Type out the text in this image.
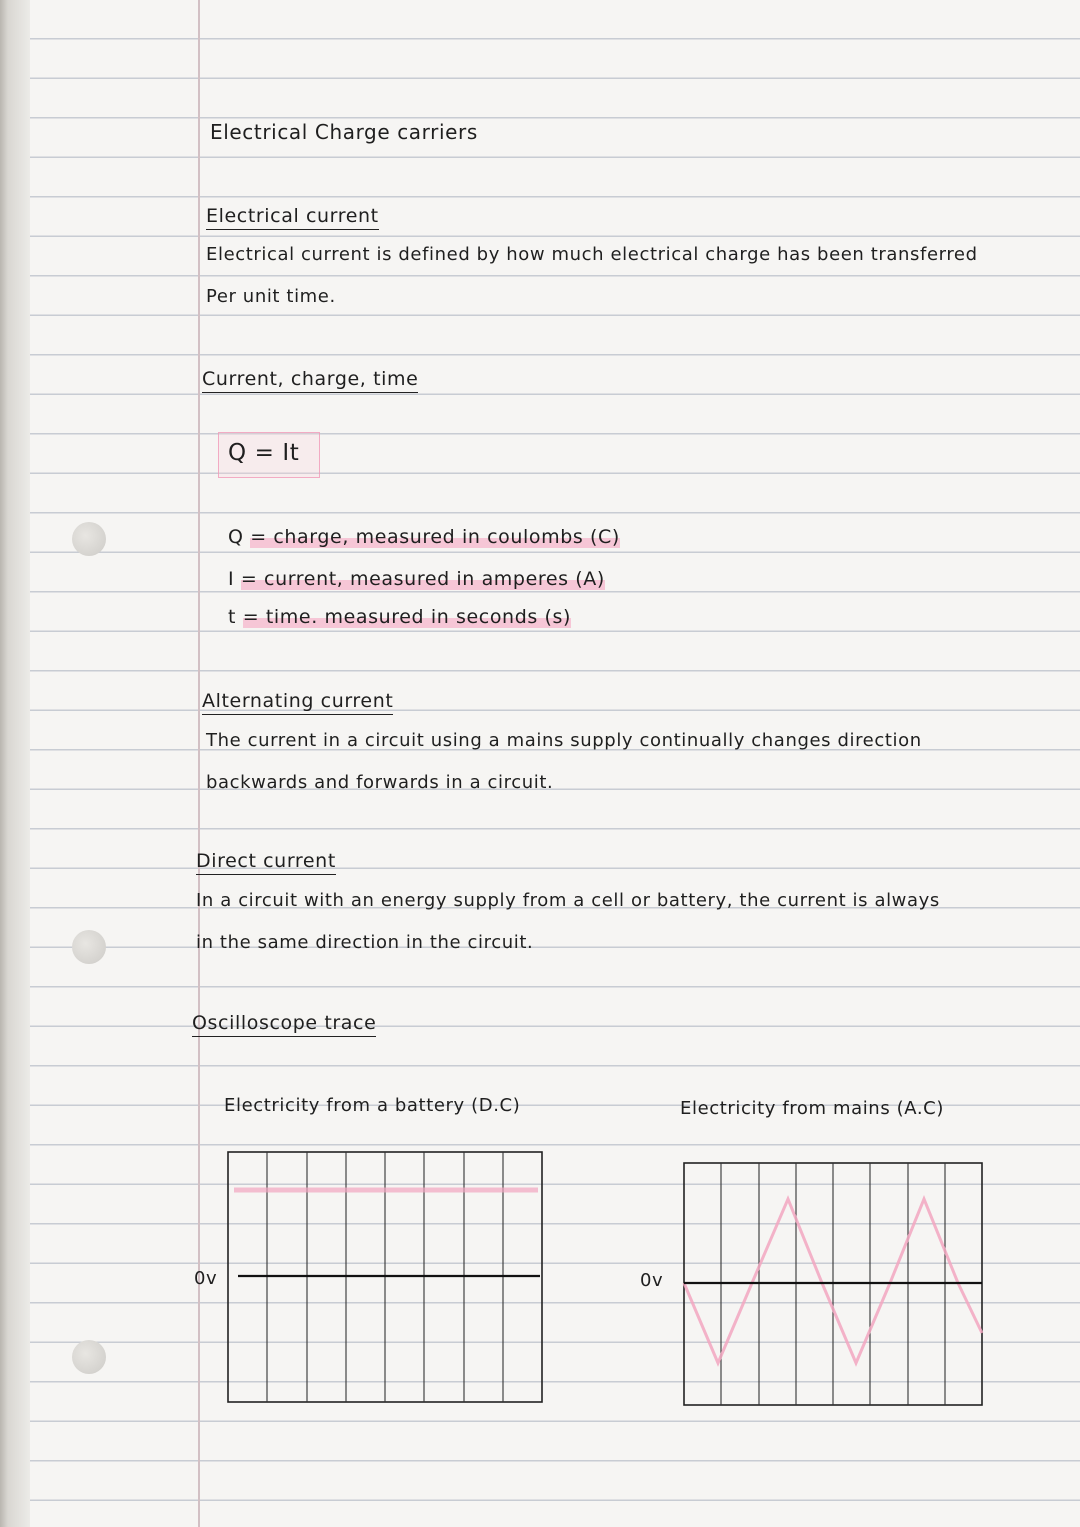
Electrical Charge carriers
Electrical current
Electrical current is defined by how much electrical charge has been transferred
Per unit time.
Current, charge, time
Q = It
Q = charge, measured in coulombs (C)
I = current, measured in amperes (A)
t = time. measured in seconds (s)
Alternating current
The current in a circuit using a mains supply continually changes direction
backwards and forwards in a circuit.
Direct current
In a circuit with an energy supply from a cell or battery, the current is always
in the same direction in the circuit.
Oscilloscope trace
Electricity from a battery (D.C)	Electricity from mains (A.C)
0v	0v
